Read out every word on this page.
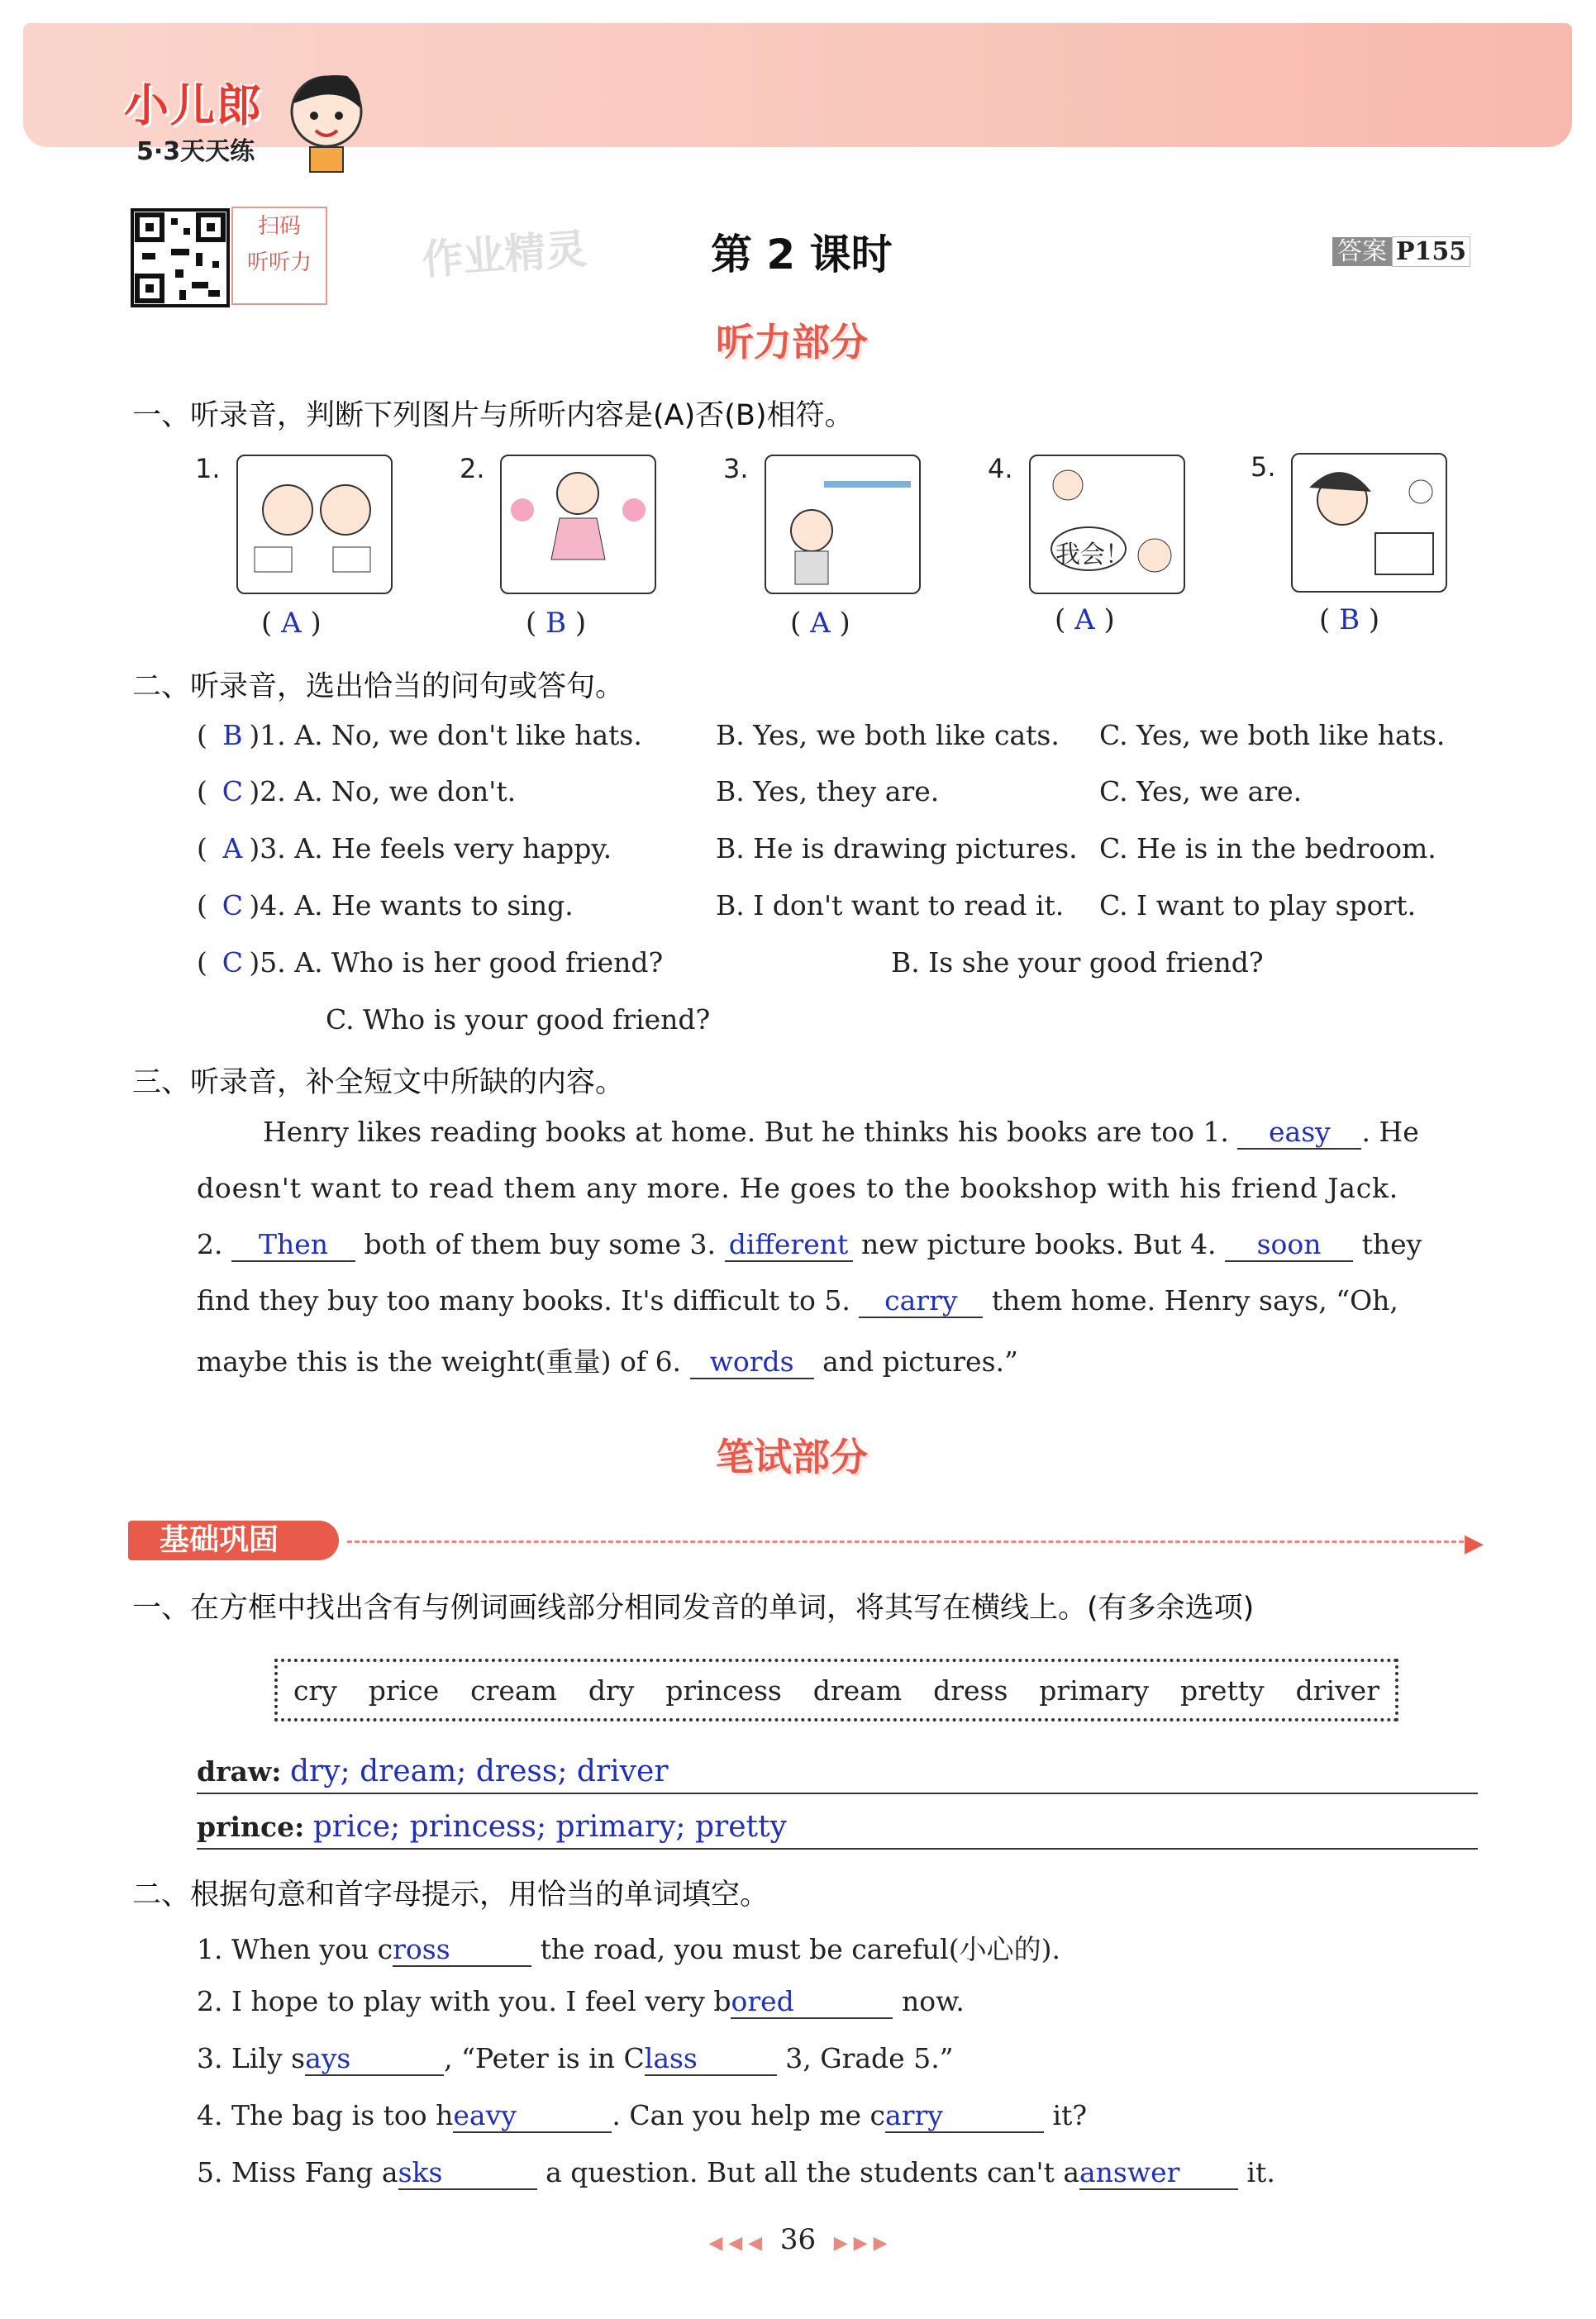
小儿郎
5·3天天练
扫码
听听力	作业精灵	第 2 课时	答案 P155
听力部分
一、听录音，判断下列图片与所听内容是(A)否(B)相符。
1.
( A )
2.
( B )
3.
( A )
4.
我会！
( A )
5.
( B )
二、听录音，选出恰当的问句或答句。
( B )1. A. No, we don't like hats.	B. Yes, we both like cats. C. Yes, we both like hats.
( C )2. A. No, we don't.	B. Yes, they are.	C. Yes, we are.
( A )3. A. He feels very happy.	B. He is drawing pictures. C. He is in the bedroom.
( C )4. A. He wants to sing.	B. I don't want to read it. C. I want to play sport.
( C )5. A. Who is her good friend?	B. Is she your good friend?
C. Who is your good friend?
三、听录音，补全短文中所缺的内容。
Henry likes reading books at home. But he thinks his books are too 1. easy . He
doesn't want to read them any more. He goes to the bookshop with his friend Jack.
2. Then both of them buy some 3. different new picture books. But 4. soon they
find they buy too many books. It's difficult to 5. carry them home. Henry says, “Oh,
maybe this is the weight(重量) of 6. words and pictures.”
笔试部分
基础巩固	▶
一、在方框中找出含有与例词画线部分相同发音的单词，将其写在横线上。(有多余选项)
cry price cream dry princess dream dress primary pretty driver
draw: dry; dream; dress; driver
prince: price; princess; primary; pretty
二、根据句意和首字母提示，用恰当的单词填空。
1. When you cross	the road, you must be careful(小心的).
2. I hope to play with you. I feel very bored	now.
3. Lily says	, “Peter is in Class	3, Grade 5.”
4. The bag is too heavy	. Can you help me carry	it?
5. Miss Fang asks	a question. But all the students can't aanswer it.
◀ ◀ ◀ 36 ▶ ▶ ▶
